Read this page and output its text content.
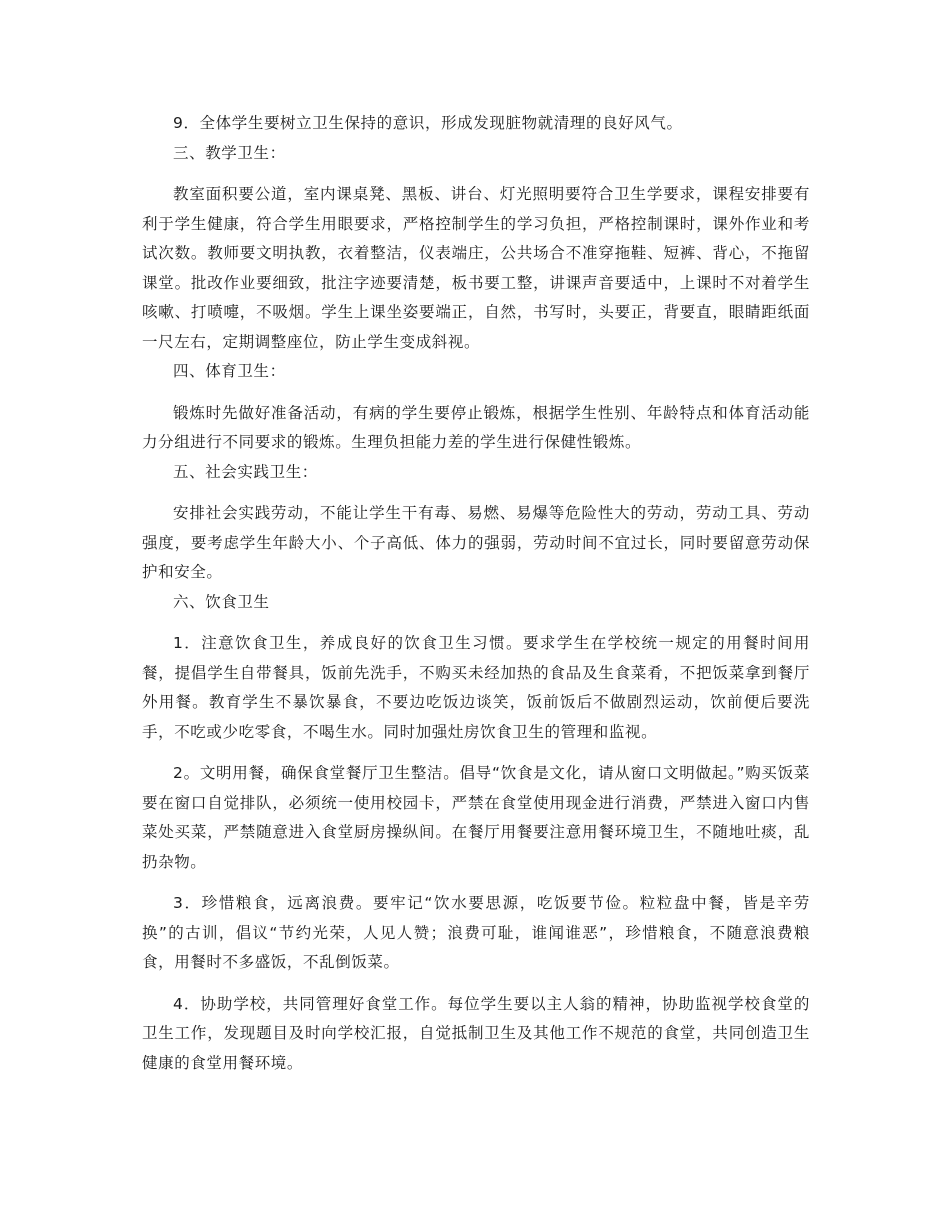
9．全体学生要树立卫生保持的意识，形成发现脏物就清理的良好风气。

三、教学卫生：

教室面积要公道，室内课桌凳、黑板、讲台、灯光照明要符合卫生学要求，课程安排要有利于学生健康，符合学生用眼要求，严格控制学生的学习负担，严格控制课时，课外作业和考试次数。教师要文明执教，衣着整洁，仪表端庄，公共场合不准穿拖鞋、短裤、背心，不拖留课堂。批改作业要细致，批注字迹要清楚，板书要工整，讲课声音要适中，上课时不对着学生咳嗽、打喷嚏，不吸烟。学生上课坐姿要端正，自然，书写时，头要正，背要直，眼睛距纸面一尺左右，定期调整座位，防止学生变成斜视。

四、体育卫生：

锻炼时先做好准备活动，有病的学生要停止锻炼，根据学生性别、年龄特点和体育活动能力分组进行不同要求的锻炼。生理负担能力差的学生进行保健性锻炼。

五、社会实践卫生：

安排社会实践劳动，不能让学生干有毒、易燃、易爆等危险性大的劳动，劳动工具、劳动强度，要考虑学生年龄大小、个子高低、体力的强弱，劳动时间不宜过长，同时要留意劳动保护和安全。

六、饮食卫生

1．注意饮食卫生，养成良好的饮食卫生习惯。要求学生在学校统一规定的用餐时间用餐，提倡学生自带餐具，饭前先洗手，不购买未经加热的食品及生食菜肴，不把饭菜拿到餐厅外用餐。教育学生不暴饮暴食，不要边吃饭边谈笑，饭前饭后不做剧烈运动，饮前便后要洗手，不吃或少吃零食，不喝生水。同时加强灶房饮食卫生的管理和监视。

2。文明用餐，确保食堂餐厅卫生整洁。倡导“饮食是文化，请从窗口文明做起。”购买饭菜要在窗口自觉排队，必须统一使用校园卡，严禁在食堂使用现金进行消费，严禁进入窗口内售菜处买菜，严禁随意进入食堂厨房操纵间。在餐厅用餐要注意用餐环境卫生，不随地吐痰，乱扔杂物。

3．珍惜粮食，远离浪费。要牢记“饮水要思源，吃饭要节俭。粒粒盘中餐，皆是辛劳换”的古训，倡议“节约光荣，人见人赞；浪费可耻，谁闻谁恶”，珍惜粮食，不随意浪费粮食，用餐时不多盛饭，不乱倒饭菜。

4．协助学校，共同管理好食堂工作。每位学生要以主人翁的精神，协助监视学校食堂的卫生工作，发现题目及时向学校汇报，自觉抵制卫生及其他工作不规范的食堂，共同创造卫生健康的食堂用餐环境。
